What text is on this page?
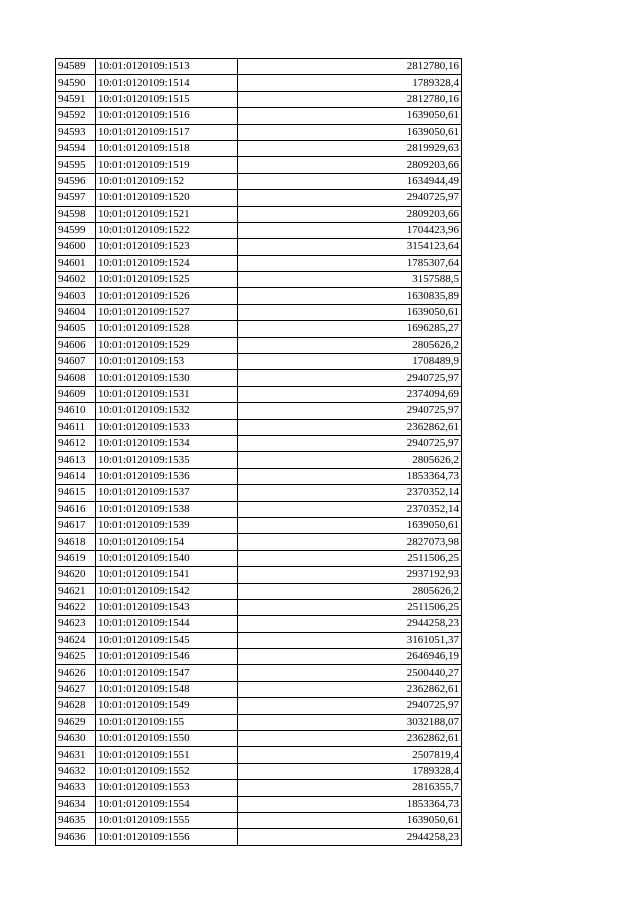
94589	10:01:0120109:1513	2812780,16
94590	10:01:0120109:1514	1789328,4
94591	10:01:0120109:1515	2812780,16
94592	10:01:0120109:1516	1639050,61
94593	10:01:0120109:1517	1639050,61
94594	10:01:0120109:1518	2819929,63
94595	10:01:0120109:1519	2809203,66
94596	10:01:0120109:152	1634944,49
94597	10:01:0120109:1520	2940725,97
94598	10:01:0120109:1521	2809203,66
94599	10:01:0120109:1522	1704423,96
94600	10:01:0120109:1523	3154123,64
94601	10:01:0120109:1524	1785307,64
94602	10:01:0120109:1525	3157588,5
94603	10:01:0120109:1526	1630835,89
94604	10:01:0120109:1527	1639050,61
94605	10:01:0120109:1528	1696285,27
94606	10:01:0120109:1529	2805626,2
94607	10:01:0120109:153	1708489,9
94608	10:01:0120109:1530	2940725,97
94609	10:01:0120109:1531	2374094,69
94610	10:01:0120109:1532	2940725,97
94611	10:01:0120109:1533	2362862,61
94612	10:01:0120109:1534	2940725,97
94613	10:01:0120109:1535	2805626,2
94614	10:01:0120109:1536	1853364,73
94615	10:01:0120109:1537	2370352,14
94616	10:01:0120109:1538	2370352,14
94617	10:01:0120109:1539	1639050,61
94618	10:01:0120109:154	2827073,98
94619	10:01:0120109:1540	2511506,25
94620	10:01:0120109:1541	2937192,93
94621	10:01:0120109:1542	2805626,2
94622	10:01:0120109:1543	2511506,25
94623	10:01:0120109:1544	2944258,23
94624	10:01:0120109:1545	3161051,37
94625	10:01:0120109:1546	2646946,19
94626	10:01:0120109:1547	2500440,27
94627	10:01:0120109:1548	2362862,61
94628	10:01:0120109:1549	2940725,97
94629	10:01:0120109:155	3032188,07
94630	10:01:0120109:1550	2362862,61
94631	10:01:0120109:1551	2507819,4
94632	10:01:0120109:1552	1789328,4
94633	10:01:0120109:1553	2816355,7
94634	10:01:0120109:1554	1853364,73
94635	10:01:0120109:1555	1639050,61
94636	10:01:0120109:1556	2944258,23
